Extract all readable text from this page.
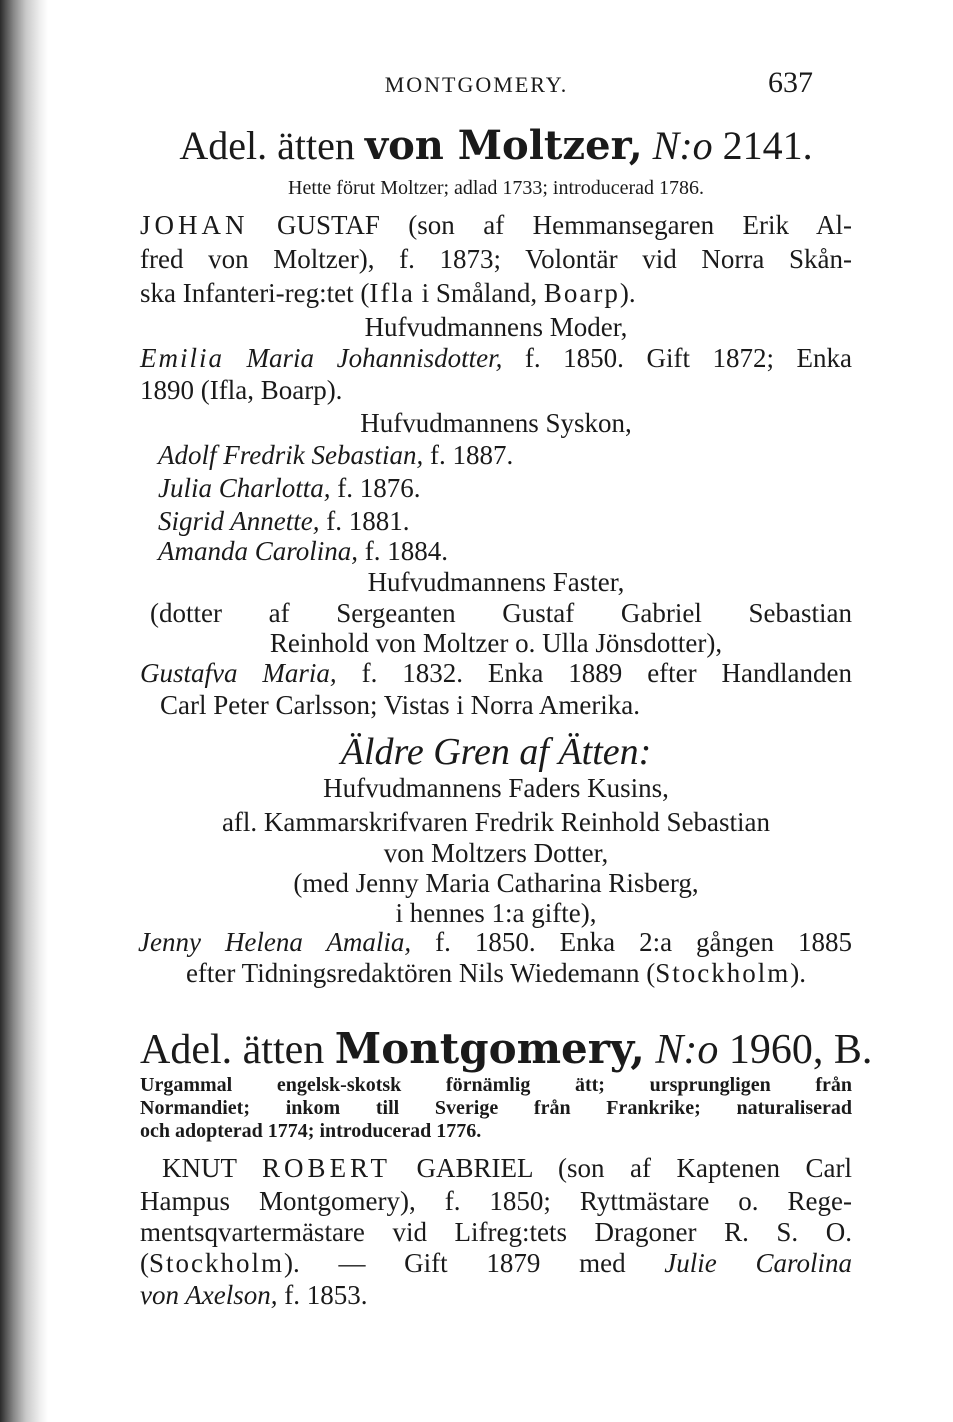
MONTGOMERY.	637
Adel. ätten von Moltzer, N:o 2141.
Hette förut Moltzer; adlad 1733; introducerad 1786.
JOHAN GUSTAF (son af Hemmansegaren Erik Al-
fred von Moltzer), f. 1873; Volontär vid Norra Skån-
ska Infanteri-reg:tet (Ifla i Småland, Boarp).
Hufvudmannens Moder,
Emilia Maria Johannisdotter, f. 1850. Gift 1872; Enka
1890 (Ifla, Boarp).
Hufvudmannens Syskon,
Adolf Fredrik Sebastian, f. 1887.
Julia Charlotta, f. 1876.
Sigrid Annette, f. 1881.
Amanda Carolina, f. 1884.
Hufvudmannens Faster,
(dotter af Sergeanten Gustaf Gabriel Sebastian
Reinhold von Moltzer o. Ulla Jönsdotter),
Gustafva Maria, f. 1832. Enka 1889 efter Handlanden
Carl Peter Carlsson; Vistas i Norra Amerika.
Äldre Gren af Ätten:
Hufvudmannens Faders Kusins,
afl. Kammarskrifvaren Fredrik Reinhold Sebastian
von Moltzers Dotter,
(med Jenny Maria Catharina Risberg,
i hennes 1:a gifte),
Jenny Helena Amalia, f. 1850. Enka 2:a gången 1885
efter Tidningsredaktören Nils Wiedemann (Stockholm).
Adel. ätten Montgomery, N:o 1960, B.
Urgammal engelsk-skotsk förnämlig ätt; ursprungligen från
Normandiet; inkom till Sverige från Frankrike; naturaliserad
och adopterad 1774; introducerad 1776.
KNUT ROBERT GABRIEL (son af Kaptenen Carl
Hampus Montgomery), f. 1850; Ryttmästare o. Rege-
mentsqvartermästare vid Lifreg:tets Dragoner R. S. O.
(Stockholm). — Gift 1879 med Julie Carolina
von Axelson, f. 1853.
